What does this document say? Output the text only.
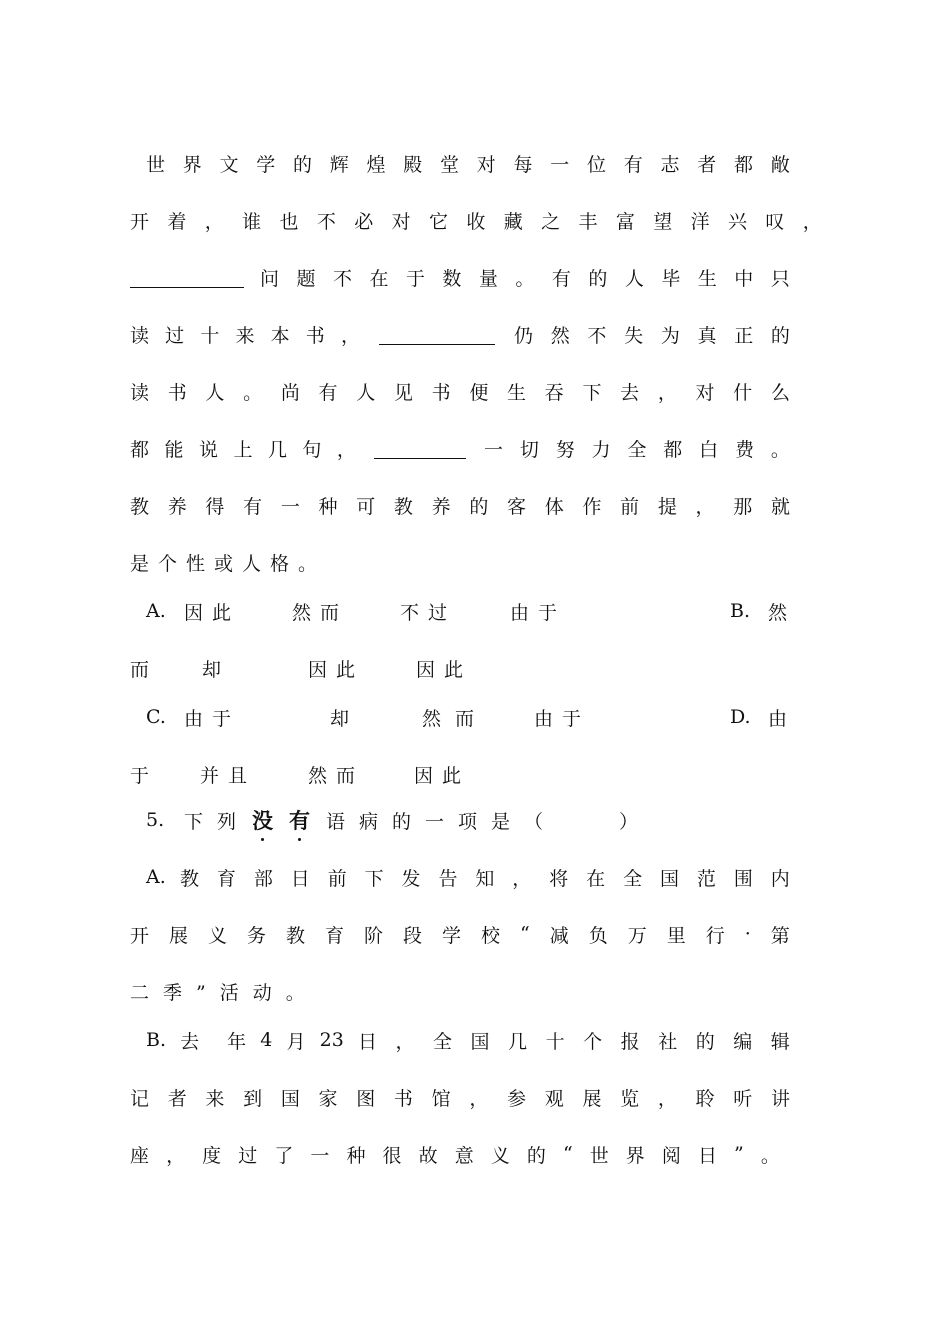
世 界 文 学 的 辉 煌 殿 堂 对 每 一 位 有 志 者 都 敞
开 着 ， 谁 也 不 必 对 它 收 藏 之 丰 富 望 洋 兴 叹 ，
问 题 不 在 于 数 量 。 有 的 人 毕 生 中 只
读 过 十 来 本 书 ，	仍 然 不 失 为 真 正 的
读 书 人 。 尚 有 人 见 书 便 生 吞 下 去 ， 对 什 么
都 能 说 上 几 句 ，	一 切 努 力 全 都 白 费 。
教 养 得 有 一 种 可 教 养 的 客 体 作 前 提 ， 那 就
是个性或人格。
A. 因此	然而	不过	由于	B. 然
而	却	因此	因此
C. 由于	却	然而	由于	D. 由
于	并且	然而	因此
5.	下列 没 有 语病的一项是 （	）
A. 教 育 部 日 前 下 发 告 知 ， 将 在 全 国 范 围 内
开 展 义 务 教 育 阶 段 学 校 “ 减 负 万 里 行 · 第
二季”活动。
B. 去 年 4 月 23 日 ， 全 国 几 十 个 报 社 的 编 辑
记 者 来 到 国 家 图 书 馆 ， 参 观 展 览 ， 聆 听 讲
座 ， 度 过 了 一 种 很 故 意 义 的 “ 世 界 阅 日 ” 。
